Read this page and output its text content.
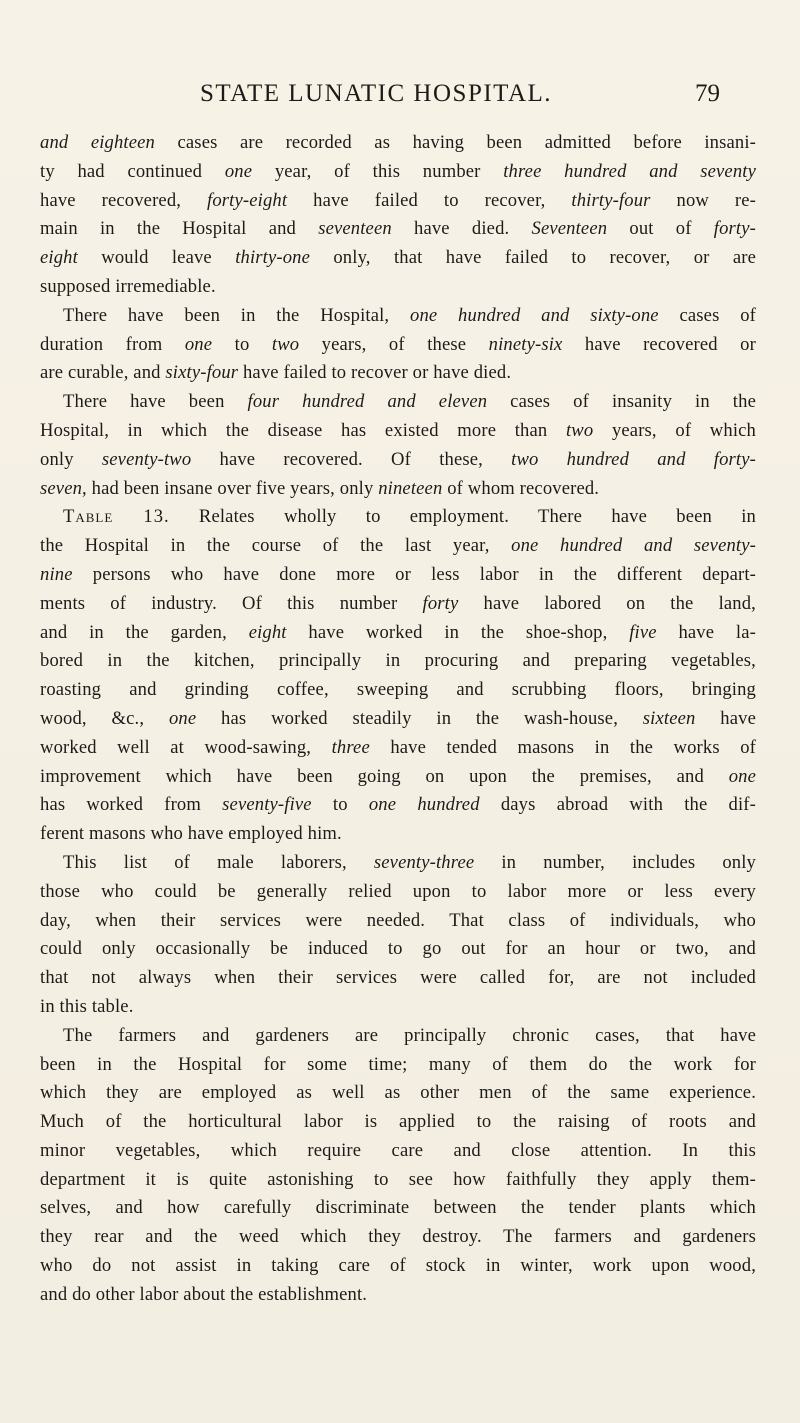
STATE LUNATIC HOSPITAL.	79
and eighteen cases are recorded as having been admitted before insani-
ty had continued one year, of this number three hundred and seventy
have recovered, forty-eight have failed to recover, thirty-four now re-
main in the Hospital and seventeen have died. Seventeen out of forty-
eight would leave thirty-one only, that have failed to recover, or are
supposed irremediable.
There have been in the Hospital, one hundred and sixty-one cases of
duration from one to two years, of these ninety-six have recovered or
are curable, and sixty-four have failed to recover or have died.
There have been four hundred and eleven cases of insanity in the
Hospital, in which the disease has existed more than two years, of which
only seventy-two have recovered. Of these, two hundred and forty-
seven, had been insane over five years, only nineteen of whom recovered.
Table 13. Relates wholly to employment. There have been in
the Hospital in the course of the last year, one hundred and seventy-
nine persons who have done more or less labor in the different depart-
ments of industry. Of this number forty have labored on the land,
and in the garden, eight have worked in the shoe-shop, five have la-
bored in the kitchen, principally in procuring and preparing vegetables,
roasting and grinding coffee, sweeping and scrubbing floors, bringing
wood, &c., one has worked steadily in the wash-house, sixteen have
worked well at wood-sawing, three have tended masons in the works of
improvement which have been going on upon the premises, and one
has worked from seventy-five to one hundred days abroad with the dif-
ferent masons who have employed him.
This list of male laborers, seventy-three in number, includes only
those who could be generally relied upon to labor more or less every
day, when their services were needed. That class of individuals, who
could only occasionally be induced to go out for an hour or two, and
that not always when their services were called for, are not included
in this table.
The farmers and gardeners are principally chronic cases, that have
been in the Hospital for some time; many of them do the work for
which they are employed as well as other men of the same experience.
Much of the horticultural labor is applied to the raising of roots and
minor vegetables, which require care and close attention. In this
department it is quite astonishing to see how faithfully they apply them-
selves, and how carefully discriminate between the tender plants which
they rear and the weed which they destroy. The farmers and gardeners
who do not assist in taking care of stock in winter, work upon wood,
and do other labor about the establishment.
